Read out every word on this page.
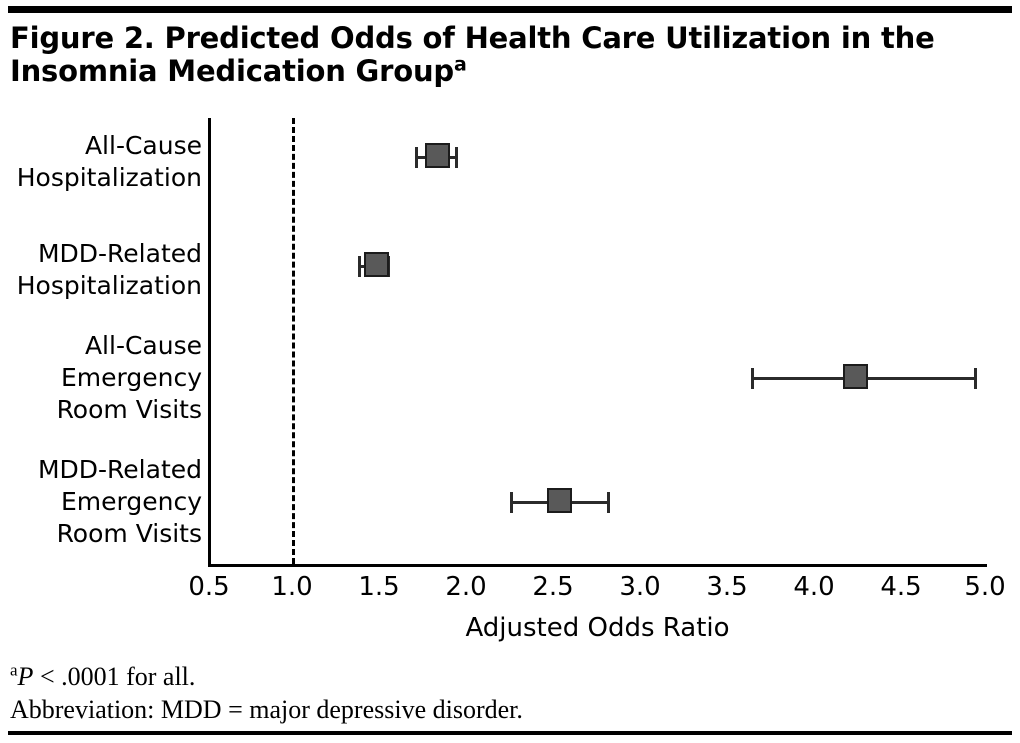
Figure 2. Predicted Odds of Health Care Utilization in the Insomnia Medication Group$^a$
All-Cause
Hospitalization
MDD-Related
Hospitalization
All-Cause
Emergency
Room Visits
MDD-Related
Emergency
Room Visits
0.5	1.0	1.5	2.0	2.5	3.0	3.5	4.0	4.5	5.0
Adjusted Odds Ratio
$^a$P < .0001 for all.
Abbreviation: MDD = major depressive disorder.
